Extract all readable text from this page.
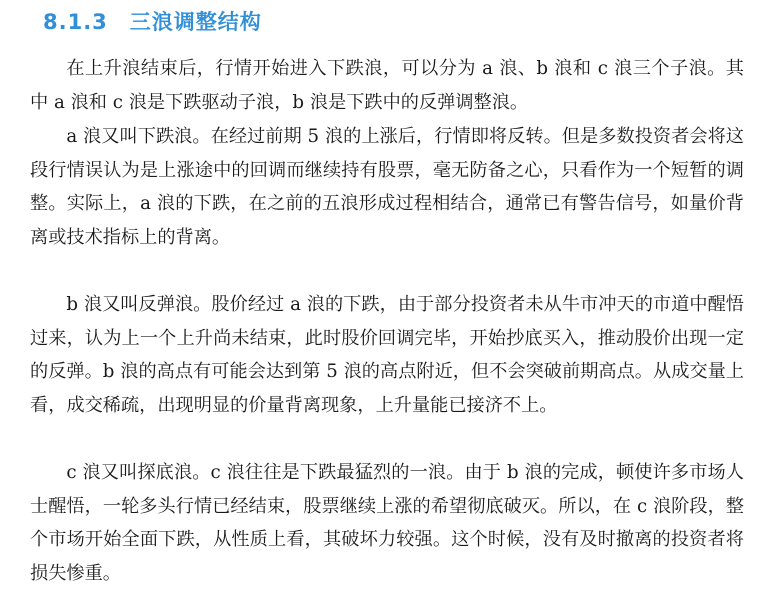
8.1.3 三浪调整结构

在上升浪结束后，行情开始进入下跌浪，可以分为 a 浪、b 浪和 c 浪三个子浪。其中 a 浪和 c 浪是下跌驱动子浪，b 浪是下跌中的反弹调整浪。

a 浪又叫下跌浪。在经过前期 5 浪的上涨后，行情即将反转。但是多数投资者会将这段行情误认为是上涨途中的回调而继续持有股票，毫无防备之心，只看作为一个短暂的调整。实际上，a 浪的下跌，在之前的五浪形成过程相结合，通常已有警告信号，如量价背离或技术指标上的背离。

b 浪又叫反弹浪。股价经过 a 浪的下跌，由于部分投资者未从牛市冲天的市道中醒悟过来，认为上一个上升尚未结束，此时股价回调完毕，开始抄底买入，推动股价出现一定的反弹。b 浪的高点有可能会达到第 5 浪的高点附近，但不会突破前期高点。从成交量上看，成交稀疏，出现明显的价量背离现象，上升量能已接济不上。

c 浪又叫探底浪。c 浪往往是下跌最猛烈的一浪。由于 b 浪的完成，顿使许多市场人士醒悟，一轮多头行情已经结束，股票继续上涨的希望彻底破灭。所以，在 c 浪阶段，整个市场开始全面下跌，从性质上看，其破坏力较强。这个时候，没有及时撤离的投资者将损失惨重。
